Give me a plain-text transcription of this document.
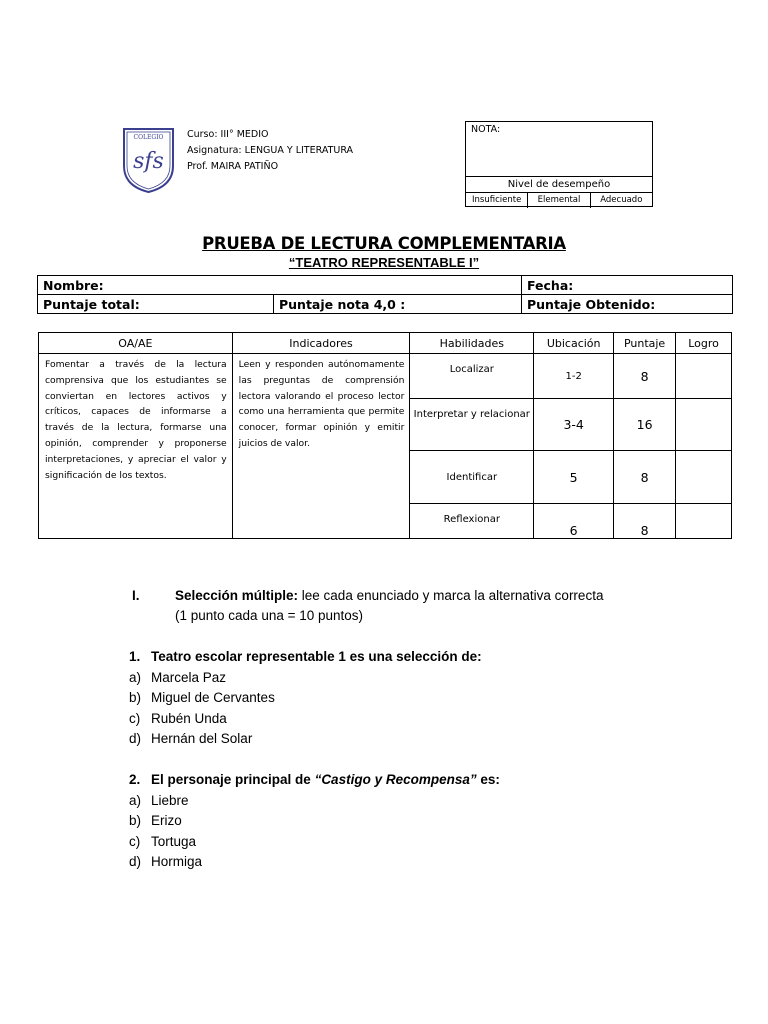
COLEGIO
sfs
Curso: III° MEDIO
Asignatura: LENGUA Y LITERATURA
Prof. MAIRA PATIÑO
NOTA:
Nivel de desempeño
Insuficiente	Elemental	Adecuado
PRUEBA DE LECTURA COMPLEMENTARIA
“TEATRO REPRESENTABLE I”
Nombre:		Fecha:
Puntaje total:	Puntaje nota 4,0 :	Puntaje Obtenido:
OA/AE	Indicadores	Habilidades	Ubicación	Puntaje	Logro
Fomentar a través de la lectura comprensiva que los estudiantes se conviertan en lectores activos y críticos, capaces de informarse a través de la lectura, formarse una opinión, comprender y proponerse interpretaciones, y apreciar el valor y significación de los textos.	Leen y responden autónomamente las preguntas de comprensión lectora valorando el proceso lector como una herramienta que permite conocer, formar opinión y emitir juicios de valor.	Localizar	1-2	8	
		Interpretar y relacionar	3-4	16	
		Identificar	5	8	
		Reflexionar	6	8	
I.	Selección múltiple: lee cada enunciado y marca la alternativa correcta
(1 punto cada una = 10 puntos)
1. Teatro escolar representable 1 es una selección de:
a) Marcela Paz
b) Miguel de Cervantes
c) Rubén Unda
d) Hernán del Solar
2. El personaje principal de “Castigo y Recompensa” es:
a) Liebre
b) Erizo
c) Tortuga
d) Hormiga
